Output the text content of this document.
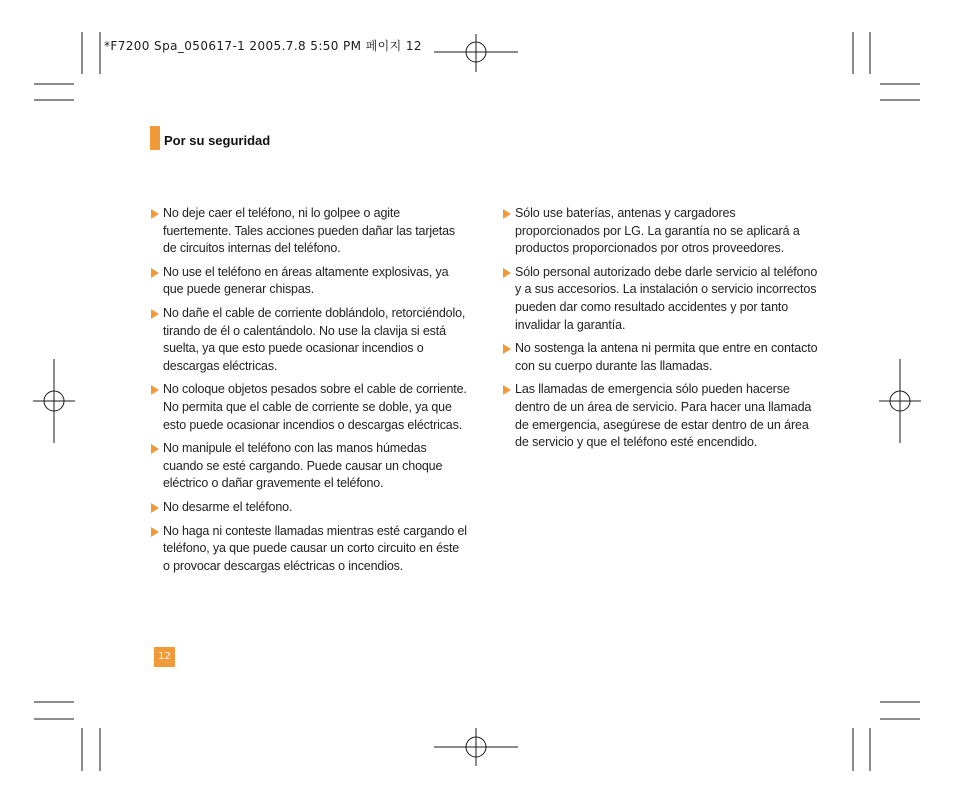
*F7200 Spa_050617-1 2005.7.8 5:50 PM 페이지 12
Por su seguridad
No deje caer el teléfono, ni lo golpee o agite fuertemente. Tales acciones pueden dañar las tarjetas de circuitos internas del teléfono.
No use el teléfono en áreas altamente explosivas, ya que puede generar chispas.
No dañe el cable de corriente doblándolo, retorciéndolo, tirando de él o calentándolo. No use la clavija si está suelta, ya que esto puede ocasionar incendios o descargas eléctricas.
No coloque objetos pesados sobre el cable de corriente. No permita que el cable de corriente se doble, ya que esto puede ocasionar incendios o descargas eléctricas.
No manipule el teléfono con las manos húmedas cuando se esté cargando. Puede causar un choque eléctrico o dañar gravemente el teléfono.
No desarme el teléfono.
No haga ni conteste llamadas mientras esté cargando el teléfono, ya que puede causar un corto circuito en éste o provocar descargas eléctricas o incendios.
Sólo use baterías, antenas y cargadores proporcionados por LG. La garantía no se aplicará a productos proporcionados por otros proveedores.
Sólo personal autorizado debe darle servicio al teléfono y a sus accesorios. La instalación o servicio incorrectos pueden dar como resultado accidentes y por tanto invalidar la garantía.
No sostenga la antena ni permita que entre en contacto con su cuerpo durante las llamadas.
Las llamadas de emergencia sólo pueden hacerse dentro de un área de servicio. Para hacer una llamada de emergencia, asegúrese de estar dentro de un área de servicio y que el teléfono esté encendido.
12
